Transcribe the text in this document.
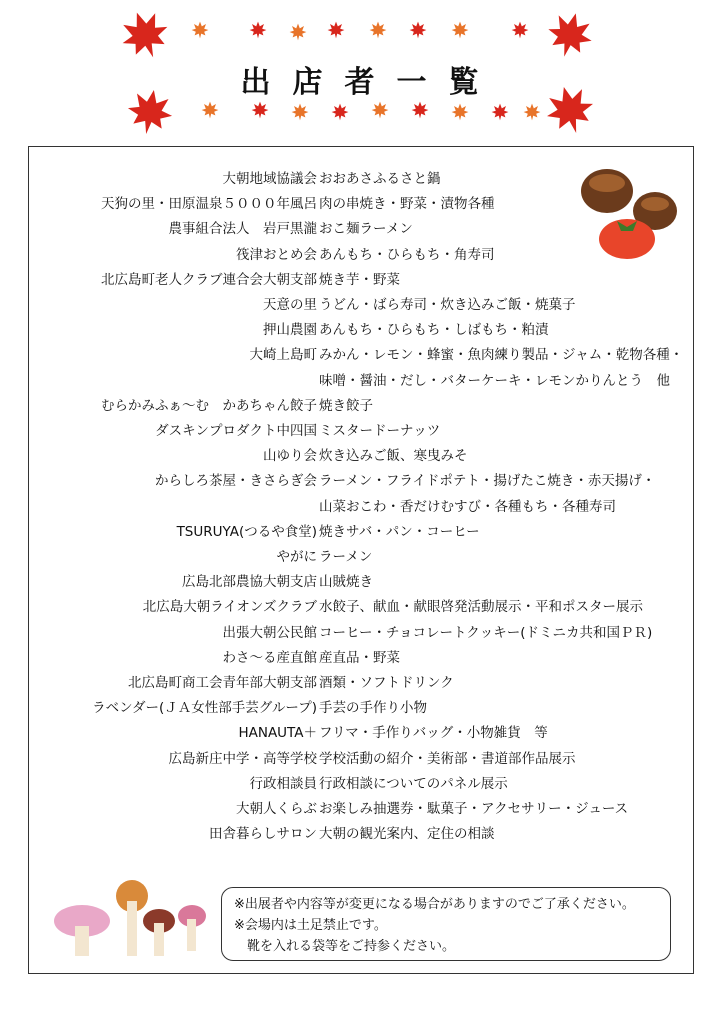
出店者一覧
大朝地域協議会 おおあさふるさと鍋
天狗の里・田原温泉５０００年風呂 肉の串焼き・野菜・漬物各種
農事組合法人　岩戸黒瀧 おこ麺ラーメン
筏津おとめ会 あんもち・ひらもち・角寿司
北広島町老人クラブ連合会大朝支部 焼き芋・野菜
天意の里 うどん・ばら寿司・炊き込みご飯・焼菓子
押山農園 あんもち・ひらもち・しばもち・粕漬
大崎上島町 みかん・レモン・蜂蜜・魚肉練り製品・ジャム・乾物各種・
味噌・醤油・だし・バターケーキ・レモンかりんとう　他
むらかみふぁ～む　かあちゃん餃子 焼き餃子
ダスキンプロダクト中四国 ミスタードーナッツ
山ゆり会 炊き込みご飯、寒曳みそ
からしろ茶屋・きさらぎ会 ラーメン・フライドポテト・揚げたこ焼き・赤天揚げ・
山菜おこわ・香だけむすび・各種もち・各種寿司
TSURUYA(つるや食堂) 焼きサバ・パン・コーヒー
やがに ラーメン
広島北部農協大朝支店 山賊焼き
北広島大朝ライオンズクラブ 水餃子、献血・献眼啓発活動展示・平和ポスター展示
出張大朝公民館 コーヒー・チョコレートクッキー(ドミニカ共和国ＰＲ)
わさ～る産直館 産直品・野菜
北広島町商工会青年部大朝支部 酒類・ソフトドリンク
ラベンダー(ＪＡ女性部手芸グループ) 手芸の手作り小物
HANAUTA＋ フリマ・手作りバッグ・小物雑貨　等
広島新庄中学・高等学校 学校活動の紹介・美術部・書道部作品展示
行政相談員 行政相談についてのパネル展示
大朝人くらぶ お楽しみ抽選券・駄菓子・アクセサリー・ジュース
田舎暮らしサロン 大朝の観光案内、定住の相談
※出展者や内容等が変更になる場合がありますのでご了承ください。
※会場内は土足禁止です。
　靴を入れる袋等をご持参ください。
